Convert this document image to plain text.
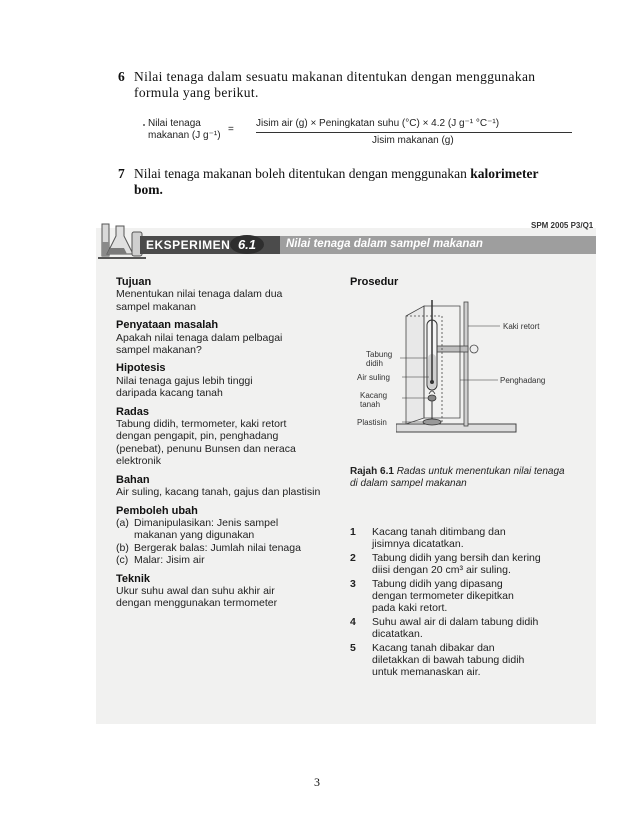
6 Nilai tenaga dalam sesuatu makanan ditentukan dengan menggunakan
formula yang berikut.
Nilai tenaga
makanan (J g⁻¹)
=
Jisim air (g) × Peningkatan suhu (°C) × 4.2 (J g⁻¹ °C⁻¹)
Jisim makanan (g)
7 Nilai tenaga makanan boleh ditentukan dengan menggunakan kalorimeter
bom.
SPM 2005 P3/Q1
EKSPERIMEN 6.1	Nilai tenaga dalam sampel makanan
Tujuan

Menentukan nilai tenaga dalam dua sampel makanan

Penyataan masalah

Apakah nilai tenaga dalam pelbagai sampel makanan?

Hipotesis

Nilai tenaga gajus lebih tinggi daripada kacang tanah

Radas

Tabung didih, termometer, kaki retort dengan pengapit, pin, penghadang (penebat), penunu Bunsen dan neraca elektronik

Bahan

Air suling, kacang tanah, gajus dan plastisin

Pemboleh ubah
(a) Dimanipulasikan: Jenis sampel makanan yang digunakan
(b) Bergerak balas: Jumlah nilai tenaga
(c) Malar: Jisim air
Teknik

Ukur suhu awal dan suhu akhir air dengan menggunakan termometer

Prosedur
Kaki retort
Tabung
didih
Air suling	Penghadang
Kacang
tanah
Plastisin
Rajah 6.1 Radas untuk menentukan nilai tenaga di dalam sampel makanan
1	Kacang tanah ditimbang dan jisimnya dicatatkan.
2	Tabung didih yang bersih dan kering diisi dengan 20 cm³ air suling.
3	Tabung didih yang dipasang dengan termometer dikepitkan pada kaki retort.
4	Suhu awal air di dalam tabung didih dicatatkan.
5	Kacang tanah dibakar dan diletakkan di bawah tabung didih untuk memanaskan air.
3
